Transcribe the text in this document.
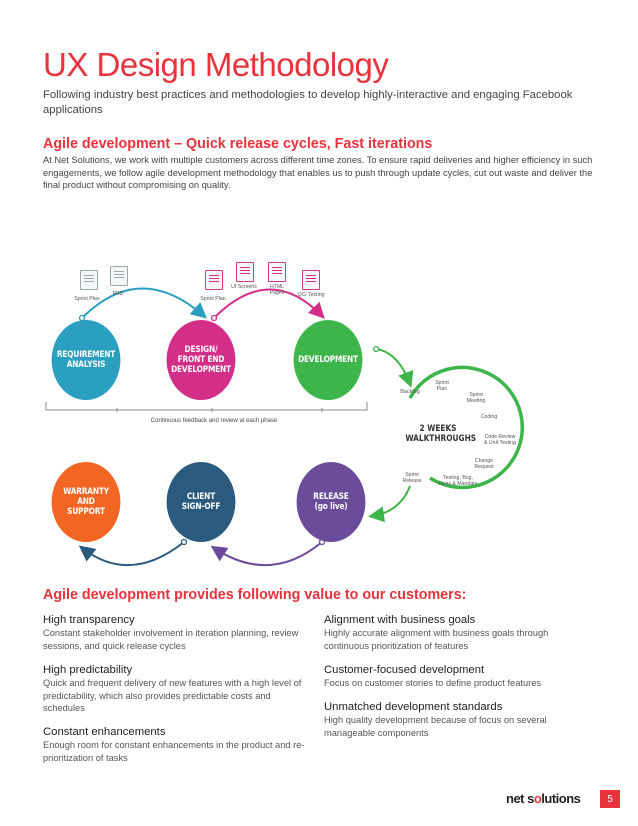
UX Design Methodology
Following industry best practices and methodologies to develop highly-interactive and engaging Facebook applications
Agile development – Quick release cycles, Fast iterations
At Net Solutions, we work with multiple customers across different time zones. To ensure rapid deliveries and higher efficiency in such engagements, we follow agile development methodology that enables us to push through update cycles, cut out waste and deliver the final product without compromising on quality.
Sprint Plan
PRD
Sprint Plan
UI Screens	HTML Pages	QC/ Testing
REQUIREMENT
ANALYSIS
DESIGN/
FRONT END
DEVELOPMENT
DEVELOPMENT
Continuous feedback and review at each phase
2 WEEKS
WALKTHROUGHS
Backlog
Sprint
Plan
Sprint
Meeting
Coding
Code Review
& Unit Testing
Change
Request
Testing, Bug,
Fixes & Mandate
Sprint
Release
WARRANTY
AND
SUPPORT
CLIENT
SIGN-OFF
RELEASE
(go live)
Agile development provides following value to our customers:
High transparency

Constant stakeholder involvement in iteration planning, review sessions, and quick release cycles

High predictability

Quick and frequent delivery of new features with a high level of predictability, which also provides predictable costs and schedules

Constant enhancements

Enough room for constant enhancements in the product and re-prioritization of tasks

Alignment with business goals

Highly accurate alignment with business goals through continuous prioritization of features

Customer-focused development

Focus on customer stories to define product features

Unmatched development standards

High quality development because of focus on several manageable components

net solutions	5
